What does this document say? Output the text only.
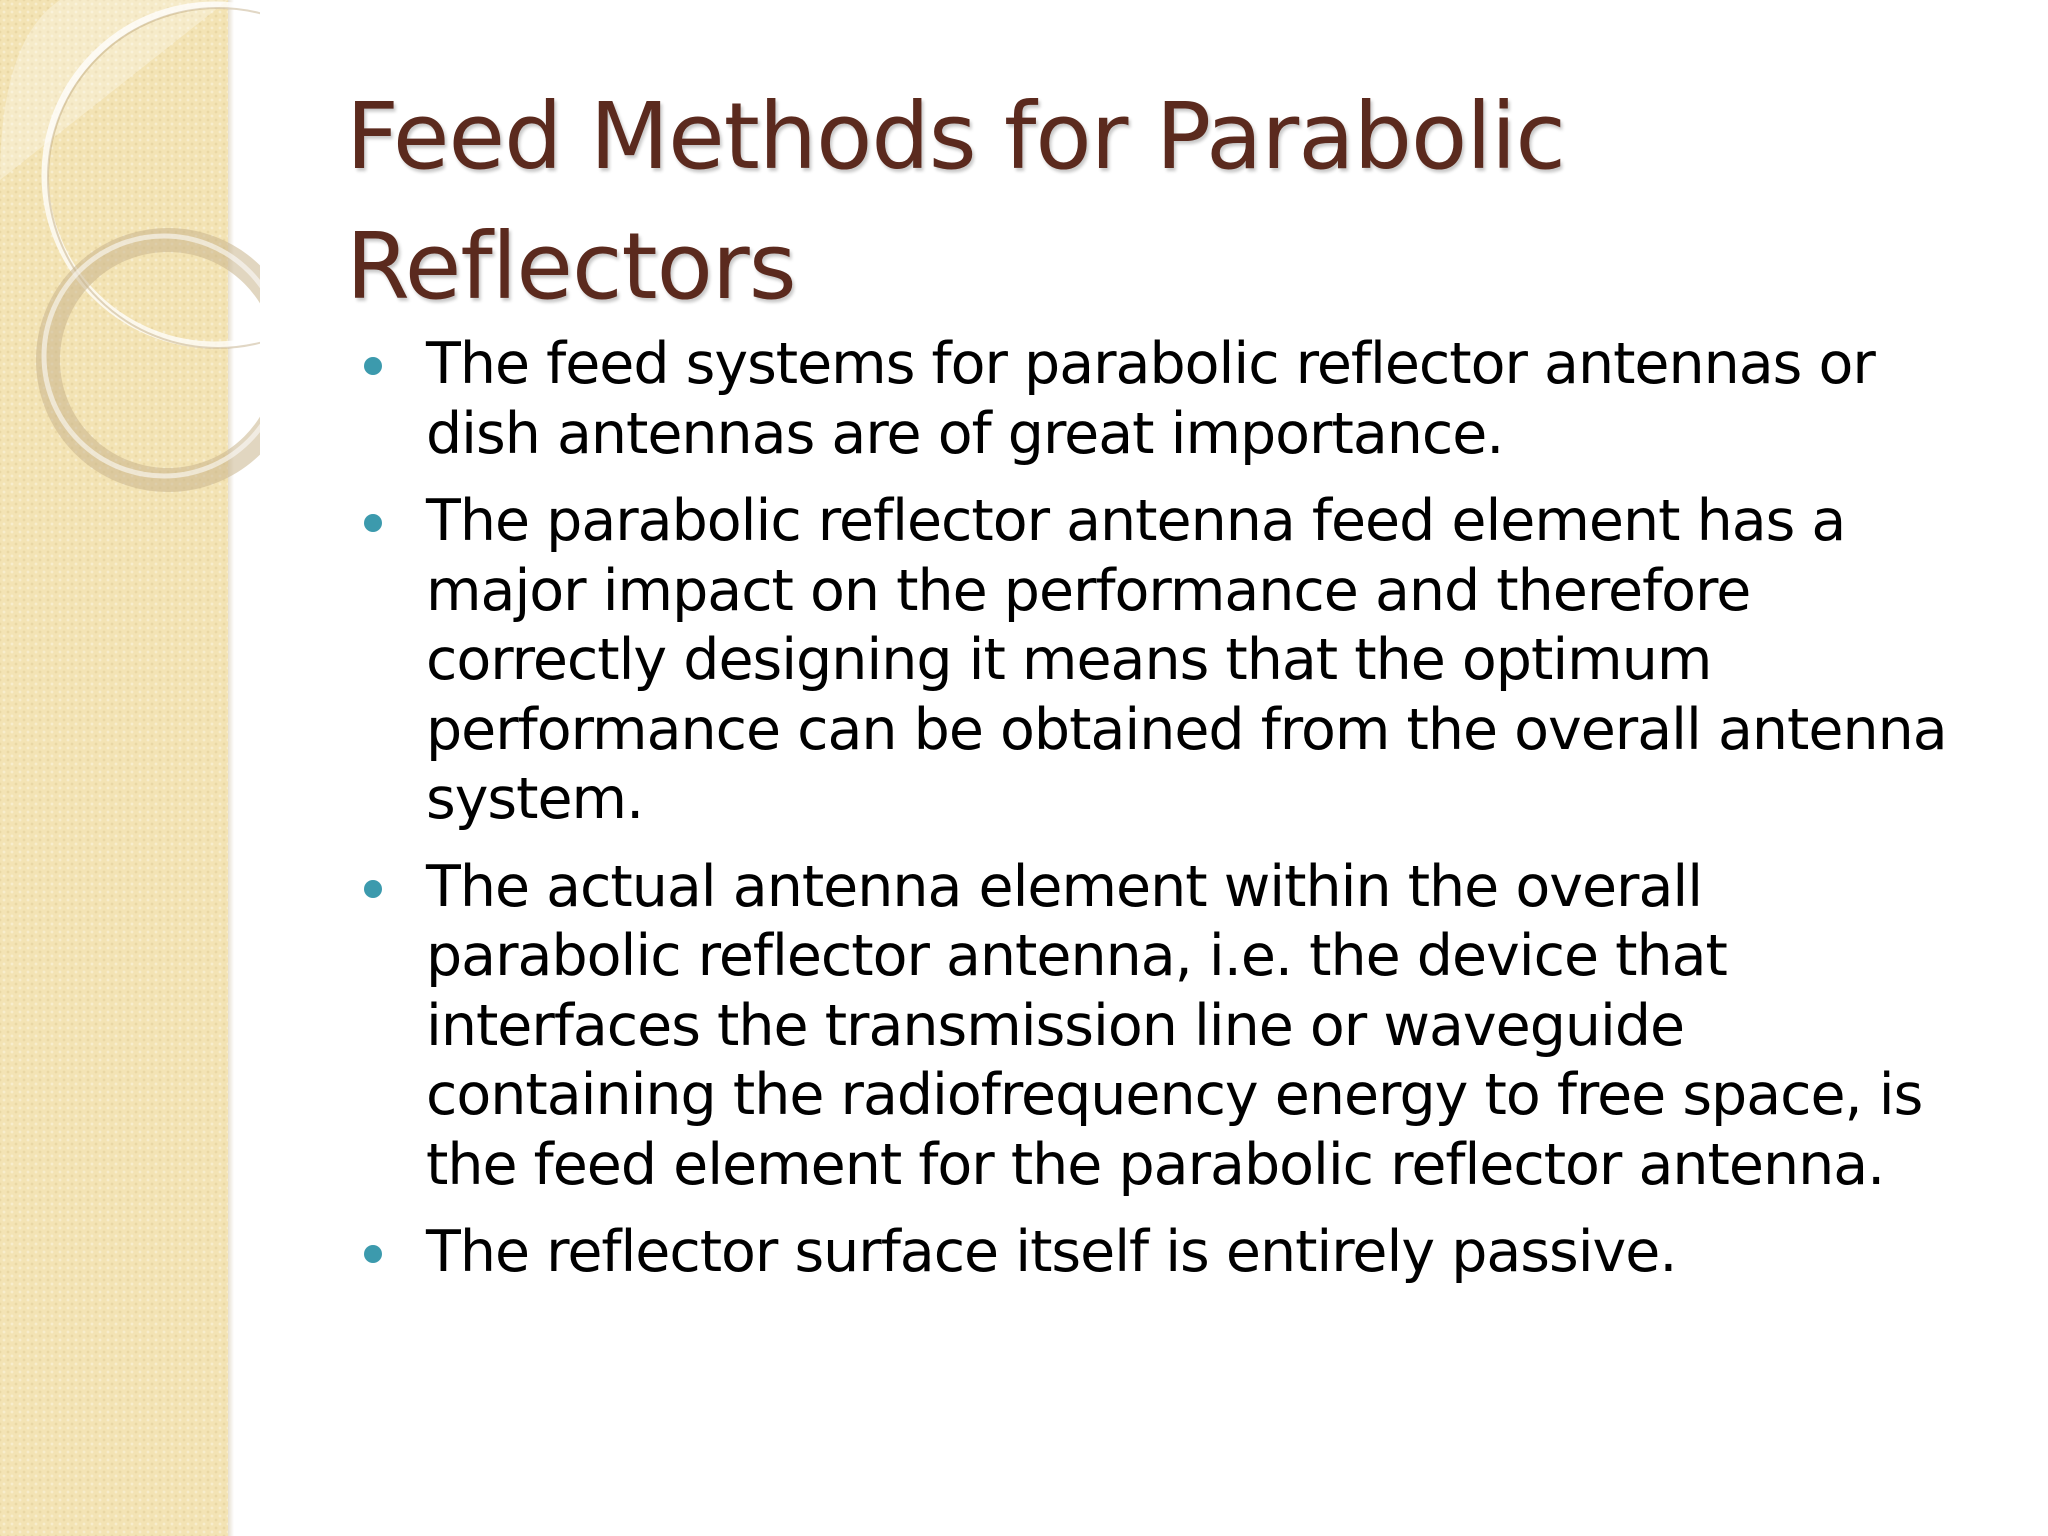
Feed Methods for Parabolic Reflectors
The feed systems for parabolic reflector antennas or dish antennas are of great importance.
The parabolic reflector antenna feed element has a major impact on the performance and therefore correctly designing it means that the optimum performance can be obtained from the overall antenna system.
The actual antenna element within the overall parabolic reflector antenna, i.e. the device that interfaces the transmission line or waveguide containing the radiofrequency energy to free space, is the feed element for the parabolic reflector antenna.
The reflector surface itself is entirely passive.
